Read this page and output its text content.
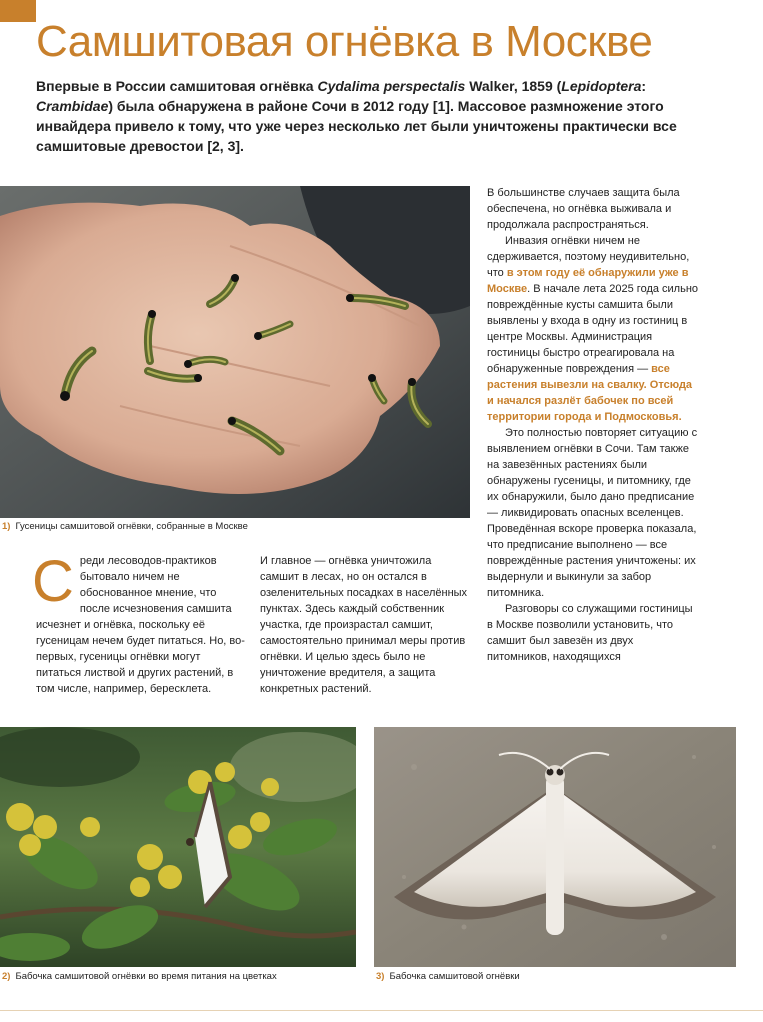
Самшитовая огнёвка в Москве

Впервые в России самшитовая огнёвка Cydalima perspectalis Walker, 1859 (Lepidoptera: Crambidae) была обнаружена в районе Сочи в 2012 году [1]. Массовое размножение этого инвайдера привело к тому, что уже через несколько лет были уничтожены практически все самшитовые древостои [2, 3].

1) Гусеницы самшитовой огнёвки, собранные в Москве

Среди лесоводов-практиков бытовало ничем не обоснованное мнение, что после исчезновения самшита исчезнет и огнёвка, поскольку её гусеницам нечем будет питаться. Но, во-первых, гусеницы огнёвки могут питаться листвой и других растений, в том числе, например, бересклета.

И главное — огнёвка уничтожила самшит в лесах, но он остался в озеленительных посадках в населённых пунктах. Здесь каждый собственник участка, где произрастал самшит, самостоятельно принимал меры против огнёвки. И целью здесь было не уничтожение вредителя, а защита конкретных растений.

В большинстве случаев защита была обеспечена, но огнёвка выживала и продолжала распространяться.

Инвазия огнёвки ничем не сдерживается, поэтому неудивительно, что в этом году её обнаружили уже в Москве. В начале лета 2025 года сильно повреждённые кусты самшита были выявлены у входа в одну из гостиниц в центре Москвы. Администрация гостиницы быстро отреагировала на обнаруженные повреждения — все растения вывезли на свалку. Отсюда и начался разлёт бабочек по всей территории города и Подмосковья.

Это полностью повторяет ситуацию с выявлением огнёвки в Сочи. Там также на завезённых растениях были обнаружены гусеницы, и питомнику, где их обнаружили, было дано предписание — ликвидировать опасных вселенцев. Проведённая вскоре проверка показала, что предписание выполнено — все повреждённые растения уничтожены: их выдернули и выкинули за забор питомника.

Разговоры со служащими гостиницы в Москве позволили установить, что самшит был завезён из двух питомников, находящихся

2) Бабочка самшитовой огнёвки во время питания на цветках	3) Бабочка самшитовой огнёвки
